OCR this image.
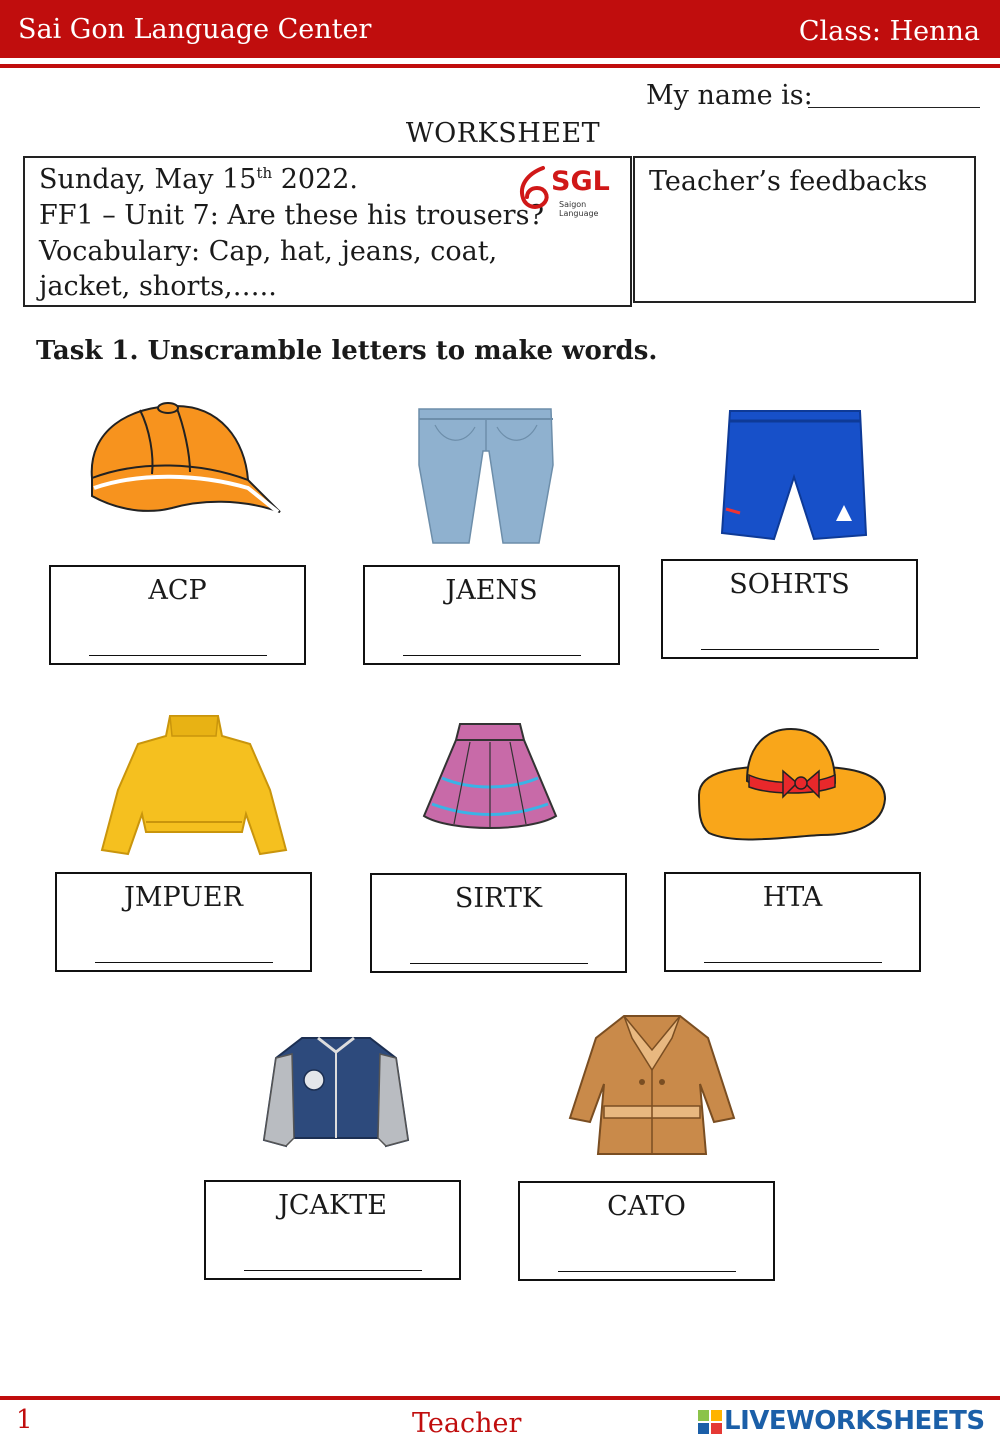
Sai Gon Language Center	Class: Henna
My name is:
WORKSHEET
Sunday, May 15th 2022.
FF1 – Unit 7: Are these his trousers?
Vocabulary: Cap, hat, jeans, coat,
jacket, shorts,…..
SGL
Saigon Language
Teacher’s feedbacks
Task 1. Unscramble letters to make words.
ACP	JAENS	SOHRTS
JMPUER	SIRTK	HTA
JCAKTE	CATO
1	Teacher	LIVEWORKSHEETS
